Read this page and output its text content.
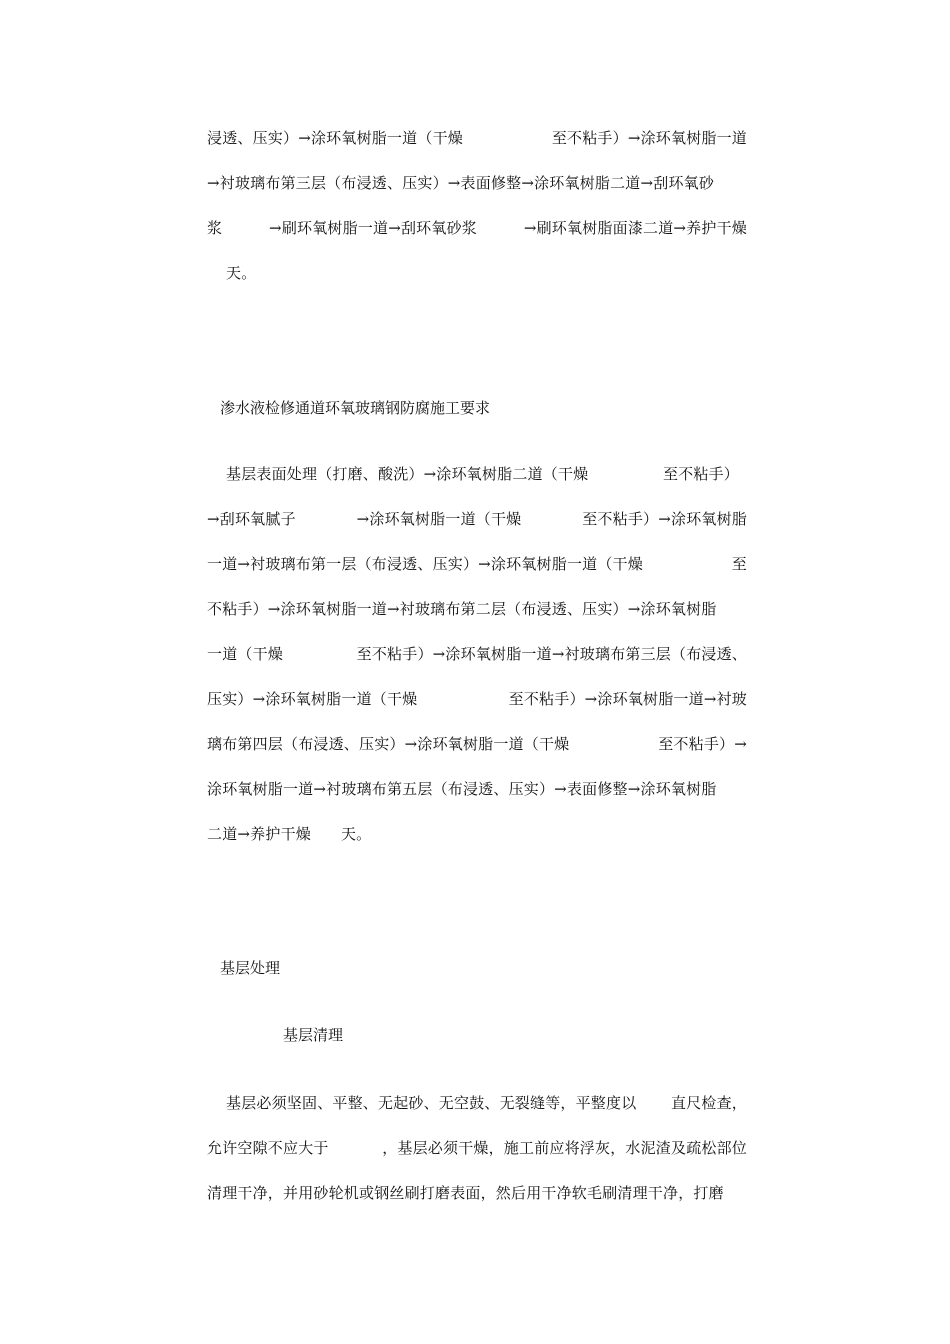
浸透、压实）→涂环氧树脂一道（干燥	至不粘手）→涂环氧树脂一道
→衬玻璃布第三层（布浸透、压实）→表面修整→涂环氧树脂二道→刮环氧砂
浆	→刷环氧树脂一道→刮环氧砂浆	→刷环氧树脂面漆二道→养护干燥
天。
渗水液检修通道环氧玻璃钢防腐施工要求
基层表面处理（打磨、酸洗）→涂环氧树脂二道（干燥	至不粘手）
→刮环氧腻子	→涂环氧树脂一道（干燥	至不粘手）→涂环氧树脂
一道→衬玻璃布第一层（布浸透、压实）→涂环氧树脂一道（干燥	至
不粘手）→涂环氧树脂一道→衬玻璃布第二层（布浸透、压实）→涂环氧树脂
一道（干燥	至不粘手）→涂环氧树脂一道→衬玻璃布第三层（布浸透、
压实）→涂环氧树脂一道（干燥	至不粘手）→涂环氧树脂一道→衬玻
璃布第四层（布浸透、压实）→涂环氧树脂一道（干燥	至不粘手）→
涂环氧树脂一道→衬玻璃布第五层（布浸透、压实）→表面修整→涂环氧树脂
二道→养护干燥 天。
基层处理
基层清理
基层必须坚固、平整、无起砂、无空鼓、无裂缝等，平整度以 直尺检查，
允许空隙不应大于	，基层必须干燥，施工前应将浮灰，水泥渣及疏松部位
清理干净，并用砂轮机或钢丝刷打磨表面，然后用干净软毛刷清理干净，打磨
